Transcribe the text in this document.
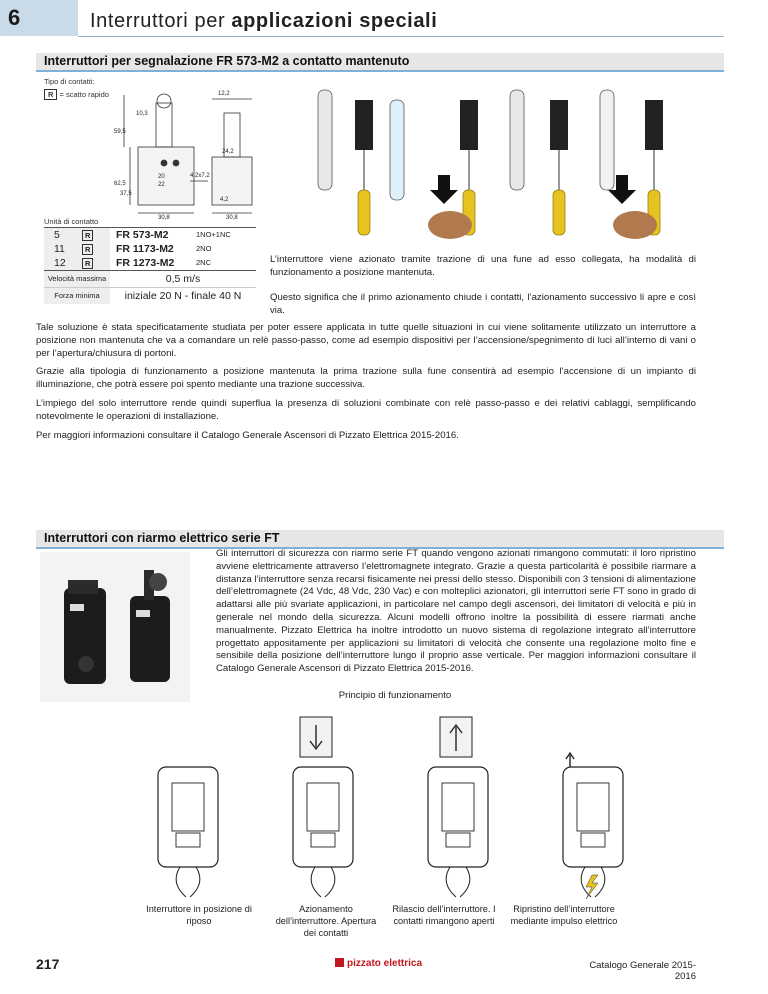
6	Interruttori per applicazioni speciali
Interruttori per segnalazione FR 573-M2 a contatto mantenuto
Tipo di contatti:
R = scatto rapido	12,2
10,3
59,5
24,2
20
22
4,2x7,2
62,5
37,5
4,2
30,8	30,8
Unità di contatto
5	R	FR 573-M2	1NO+1NC
11	R	FR 1173-M2	2NO
12	R	FR 1273-M2	2NC
Velocità massima	0,5 m/s
Forza minima	iniziale 20 N - finale 40 N
L’interruttore viene azionato tramite trazione di una fune ad esso collegata, ha modalità di funzionamento a posizione mantenuta.
Questo significa che il primo azionamento chiude i contatti, l’azionamento successivo li apre e così via.
Tale soluzione è stata specificatamente studiata per poter essere applicata in tutte quelle situazioni in cui viene solitamente utilizzato un interruttore a posizione non mantenuta che va a comandare un relè passo-passo, come ad esempio dispositivi per l’accensione/spegnimento di luci all’interno di vani o per l’apertura/chiusura di portoni.
Grazie alla tipologia di funzionamento a posizione mantenuta la prima trazione sulla fune consentirà ad esempio l’accensione di un impianto di illuminazione, che potrà essere poi spento mediante una trazione successiva.
L’impiego del solo interruttore rende quindi superflua la presenza di soluzioni combinate con relè passo-passo e dei relativi cablaggi, semplificando notevolmente le operazioni di installazione.
Per maggiori informazioni consultare il Catalogo Generale Ascensori di Pizzato Elettrica 2015-2016.
Interruttori con riarmo elettrico serie FT
Gli interruttori di sicurezza con riarmo serie FT quando vengono azionati rimangono commutati: il loro ripristino avviene elettricamente attraverso l’elettromagnete integrato. Grazie a questa particolarità è possibile riarmare a distanza l’interruttore senza recarsi fisicamente nei pressi dello stesso. Disponibili con 3 tensioni di alimentazione dell’elettromagnete (24 Vdc, 48 Vdc, 230 Vac) e con molteplici azionatori, gli interruttori serie FT sono in grado di adattarsi alle più svariate applicazioni, in particolare nel campo degli ascensori, dei limitatori di velocità e più in generale nel mondo della sicurezza. Alcuni modelli offrono inoltre la possibilità di essere riarmati anche manualmente. Pizzato Elettrica ha inoltre introdotto un nuovo sistema di regolazione integrato all’interruttore progettato appositamente per applicazioni su limitatori di velocità che consente una regolazione molto fine e sensibile della posizione dell’interruttore lungo il proprio asse verticale. Per maggiori informazioni consultare il Catalogo Generale Ascensori di Pizzato Elettrica 2015-2016.
Principio di funzionamento
Interruttore in posizione di riposo
Azionamento dell’interruttore. Apertura dei contatti
Rilascio dell’interruttore. I contatti rimangono aperti
Ripristino dell’interruttore mediante impulso elettrico
217	pizzato elettrica	Catalogo Generale 2015-2016
